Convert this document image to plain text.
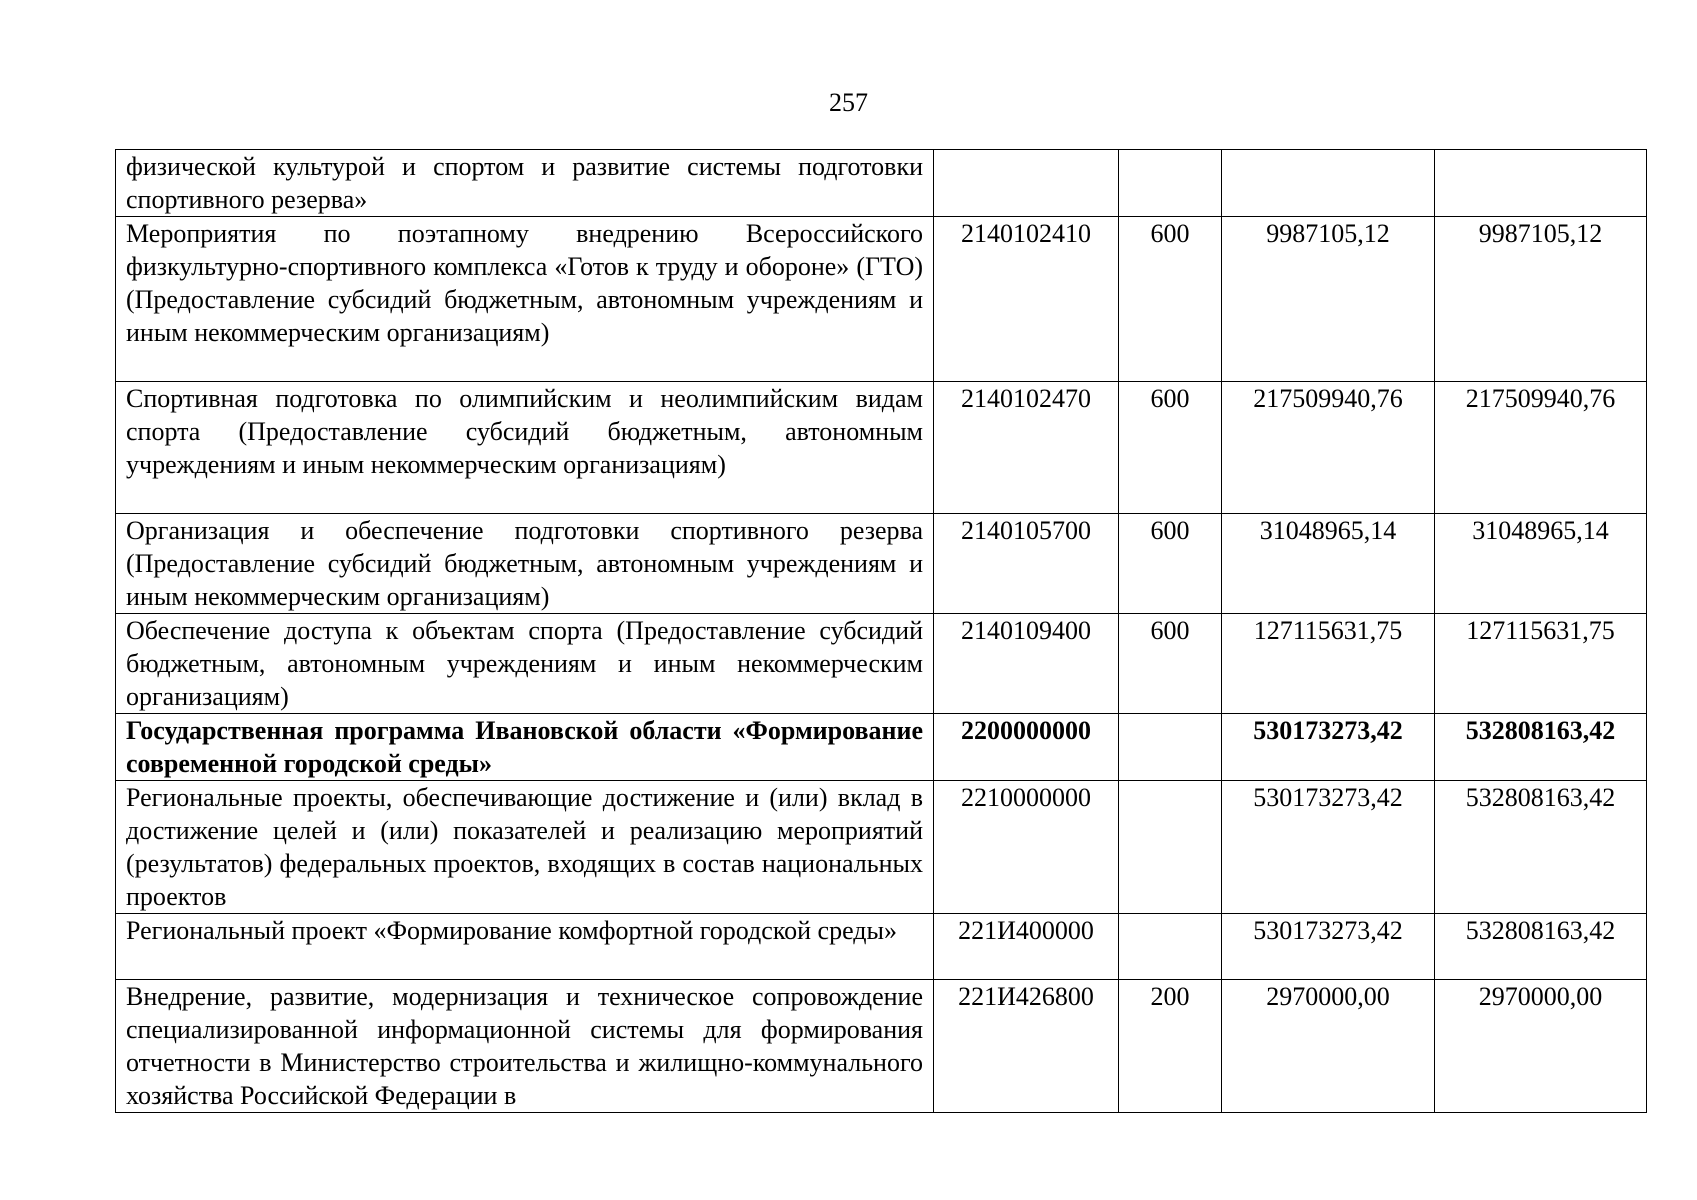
257
физической культурой и спортом и развитие системы подготовки спортивного резерва»				
Мероприятия по поэтапному внедрению Всероссийского физкультурно-спортивного комплекса «Готов к труду и обороне» (ГТО) (Предоставление субсидий бюджетным, автономным учреждениям и иным некоммерческим организациям)	2140102410	600	9987105,12	9987105,12
Спортивная подготовка по олимпийским и неолимпийским видам спорта (Предоставление субсидий бюджетным, автономным учреждениям и иным некоммерческим организациям)	2140102470	600	217509940,76	217509940,76
Организация и обеспечение подготовки спортивного резерва (Предоставление субсидий бюджетным, автономным учреждениям и иным некоммерческим организациям)	2140105700	600	31048965,14	31048965,14
Обеспечение доступа к объектам спорта (Предоставление субсидий бюджетным, автономным учреждениям и иным некоммерческим организациям)	2140109400	600	127115631,75	127115631,75
Государственная программа Ивановской области «Формирование современной городской среды»	2200000000		530173273,42	532808163,42
Региональные проекты, обеспечивающие достижение и (или) вклад в достижение целей и (или) показателей и реализацию мероприятий (результатов) федеральных проектов, входящих в состав национальных проектов	2210000000		530173273,42	532808163,42
Региональный проект «Формирование комфортной городской среды»	221И400000		530173273,42	532808163,42
Внедрение, развитие, модернизация и техническое сопровождение специализированной информационной системы для формирования отчетности в Министерство строительства и жилищно-коммунального хозяйства Российской Федерации в	221И426800	200	2970000,00	2970000,00
